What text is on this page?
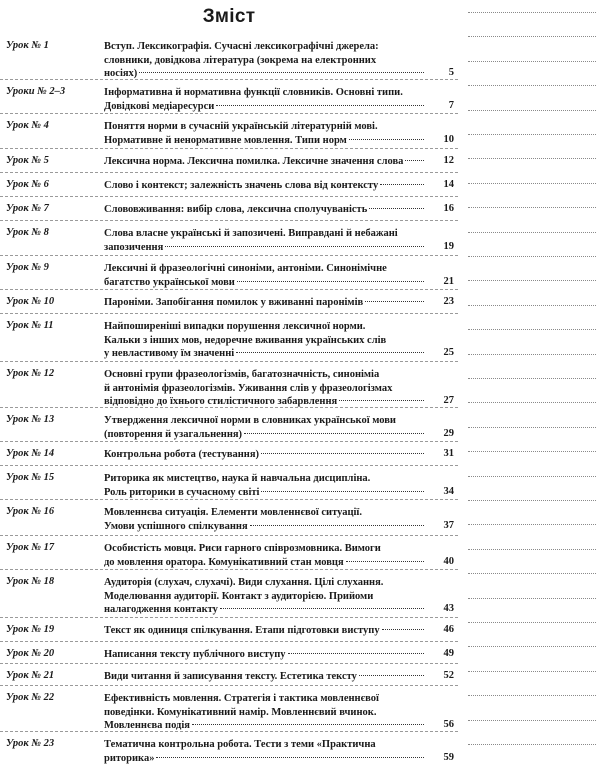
Зміст
Урок № 1	Вступ. Лексикографія. Сучасні лексикографічні джерела:
словники, довідкова література (зокрема на електронних
носіях)	5
Уроки № 2–3	Інформативна й нормативна функції словників. Основні типи.
Довідкові медіаресурси	7
Урок № 4	Поняття норми в сучасній українській літературній мові.
Нормативне й ненормативне мовлення. Типи норм	10
Урок № 5	Лексична норма. Лексична помилка. Лексичне значення слова	12
Урок № 6	Слово і контекст; залежність значень слова від контексту	14
Урок № 7	Слововживання: вибір слова, лексична сполучуваність	16
Урок № 8	Слова власне українські й запозичені. Виправдані й небажані
запозичення	19
Урок № 9	Лексичні й фразеологічні синоніми, антоніми. Синонімічне
багатство української мови	21
Урок № 10	Пароніми. Запобігання помилок у вживанні паронімів	23
Урок № 11	Найпоширеніші випадки порушення лексичної норми.
Кальки з інших мов, недоречне вживання українських слів
у невластивому їм значенні	25
Урок № 12	Основні групи фразеологізмів, багатозначність, синоніміа
й антонімія фразеологізмів. Уживання слів у фразеологізмах
відповідно до їхнього стилістичного забарвлення	27
Урок № 13	Утвердження лексичної норми в словниках української мови
(повторення й узагальнення)	29
Урок № 14	Контрольна робота (тестування)	31
Урок № 15	Риторика як мистецтво, наука й навчальна дисципліна.
Роль риторики в сучасному світі	34
Урок № 16	Мовленнєва ситуація. Елементи мовленнєвої ситуації.
Умови успішного спілкування	37
Урок № 17	Особистість мовця. Риси гарного співрозмовника. Вимоги
до мовлення оратора. Комунікативний стан мовця	40
Урок № 18	Аудиторія (слухач, слухачі). Види слухання. Цілі слухання.
Моделювання аудиторії. Контакт з аудиторією. Прийоми
налагодження контакту	43
Урок № 19	Текст як одиниця спілкування. Етапи підготовки виступу	46
Урок № 20	Написання тексту публічного виступу	49
Урок № 21	Види читання й записування тексту. Естетика тексту	52
Урок № 22	Ефективність мовлення. Стратегія і тактика мовленнєвої
поведінки. Комунікативний намір. Мовленнєвий вчинок.
Мовленнєва подія	56
Урок № 23	Тематична контрольна робота. Тести з теми «Практична
риторика»	59
